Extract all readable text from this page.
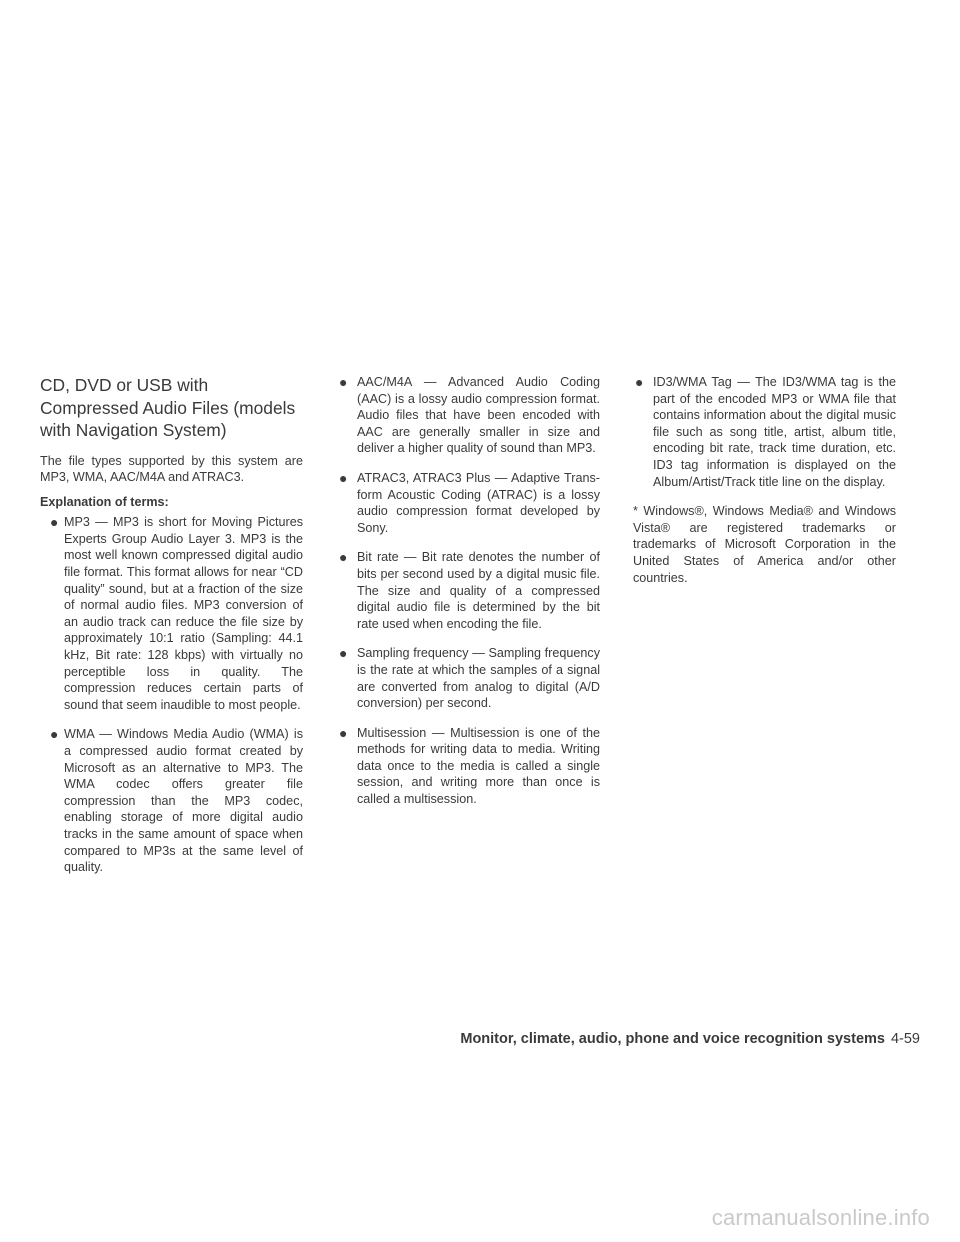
CD, DVD or USB with Compressed Audio Files (models with Navigation System)

The file types supported by this system are MP3, WMA, AAC/M4A and ATRAC3.

Explanation of terms:

● MP3 — MP3 is short for Moving Pictures Experts Group Audio Layer 3. MP3 is the most well known compressed digital audio file format. This format allows for near “CD quality” sound, but at a fraction of the size of normal audio files. MP3 conversion of an audio track can reduce the file size by approximately 10:1 ratio (Sampling: 44.1 kHz, Bit rate: 128 kbps) with virtually no perceptible loss in quality. The compression reduces certain parts of sound that seem inaudible to most people.
● WMA — Windows Media Audio (WMA) is a compressed audio format created by Microsoft as an alternative to MP3. The WMA codec offers greater file compression than the MP3 codec, enabling storage of more digital audio tracks in the same amount of space when compared to MP3s at the same level of quality.
● AAC/M4A — Advanced Audio Coding (AAC) is a lossy audio compression format. Audio files that have been encoded with AAC are generally smaller in size and deliver a higher quality of sound than MP3.
● ATRAC3, ATRAC3 Plus — Adaptive Transform Acoustic Coding (ATRAC) is a lossy audio compression format developed by Sony.
● Bit rate — Bit rate denotes the number of bits per second used by a digital music file. The size and quality of a compressed digital audio file is determined by the bit rate used when encoding the file.
● Sampling frequency — Sampling frequency is the rate at which the samples of a signal are converted from analog to digital (A/D conversion) per second.
● Multisession — Multisession is one of the methods for writing data to media. Writing data once to the media is called a single session, and writing more than once is called a multisession.
● ID3/WMA Tag — The ID3/WMA tag is the part of the encoded MP3 or WMA file that contains information about the digital music file such as song title, artist, album title, encoding bit rate, track time duration, etc. ID3 tag information is displayed on the Album/Artist/Track title line on the display.

* Windows®, Windows Media® and Windows Vista® are registered trademarks or trademarks of Microsoft Corporation in the United States of America and/or other countries.

Monitor, climate, audio, phone and voice recognition systems 4-59
carmanualsonline.info
